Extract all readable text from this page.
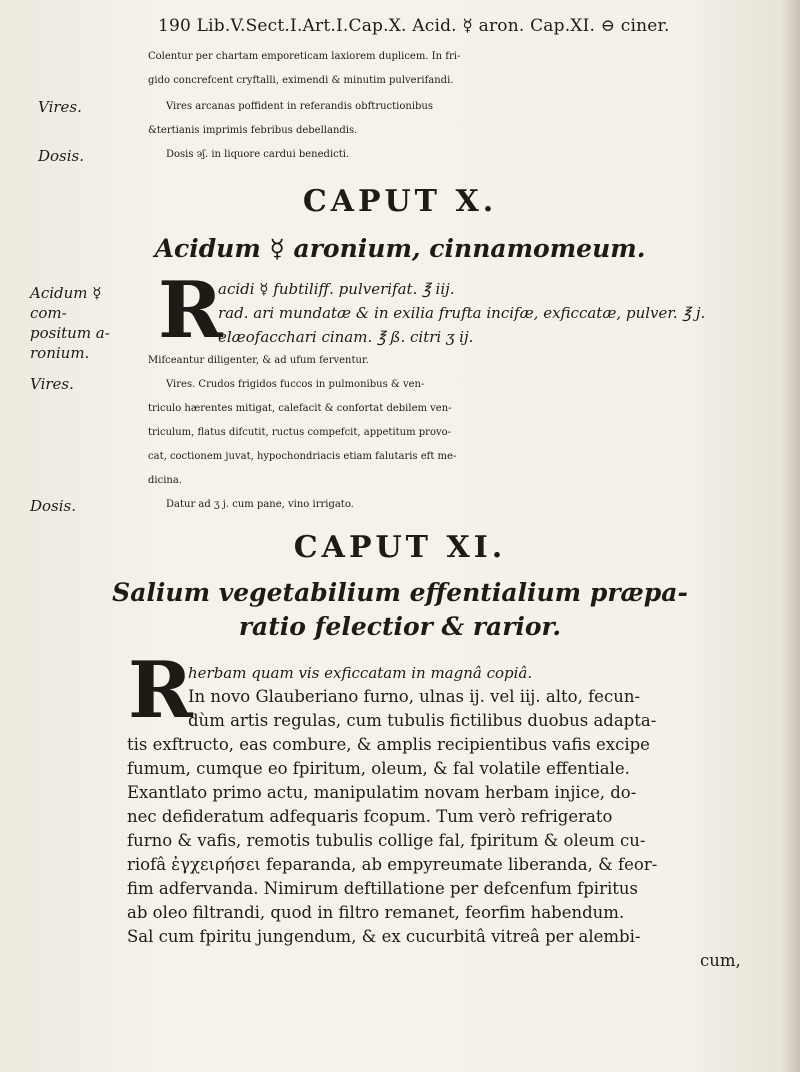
190 Lib.V.Sect.I.Art.I.Cap.X. Acid. ☿ aron. Cap.XI. ⊖ ciner.
Colentur per chartam emporeticam laxiorem duplicem. In fri-
gido concrefcent cryftalli, eximendi & minutim pulverifandi.
Vires.	Vires arcanas poffident in referandis obftructionibus
&tertianis imprimis febribus debellandis.
Dosis.	Dosis ϶ʃ. in liquore cardui benedicti.
CAPUT X.
Acidum ☿ aronium, cinnamomeum.
Acidum ☿ com- positum a- ronium. R
acidi ☿ fubtiliff. pulverifat. ℥ iij.
rad. ari mundatæ & in exilia frufta incifæ, exficcatæ, pulver. ℥ j.
elæofacchari cinam. ℥ ß. citri ʒ ij.
Mifceantur diligenter, & ad ufum ferventur.
Vires.	Vires. Crudos frigidos fuccos in pulmonibus & ven-
triculo hærentes mitigat, calefacit & confortat debilem ven-
triculum, flatus difcutit, ructus compefcit, appetitum provo-
cat, coctionem juvat, hypochondriacis etiam falutaris eft me-
dicina.
Dosis.	Datur ad ʒ j. cum pane, vino irrigato.
CAPUT XI.
Salium vegetabilium effentialium præpa-
ratio felectior & rarior.
R
herbam quam vis exficcatam in magnâ copiâ.
In novo Glauberiano furno, ulnas ij. vel iij. alto, fecun-
dùm artis regulas, cum tubulis fictilibus duobus adapta-
tis exftructo, eas combure, & amplis recipientibus vafis excipe
fumum, cumque eo fpiritum, oleum, & fal volatile effentiale.
Exantlato primo actu, manipulatim novam herbam injice, do-
nec defideratum adfequaris fcopum. Tum verò refrigerato
furno & vafis, remotis tubulis collige fal, fpiritum & oleum cu-
riofâ ἐγχειρήσει feparanda, ab empyreumate liberanda, & feor-
fim adfervanda. Nimirum deftillatione per defcenfum fpiritus
ab oleo filtrandi, quod in filtro remanet, feorfim habendum.
Sal cum fpiritu jungendum, & ex cucurbitâ vitreâ per alembi-
cum,
